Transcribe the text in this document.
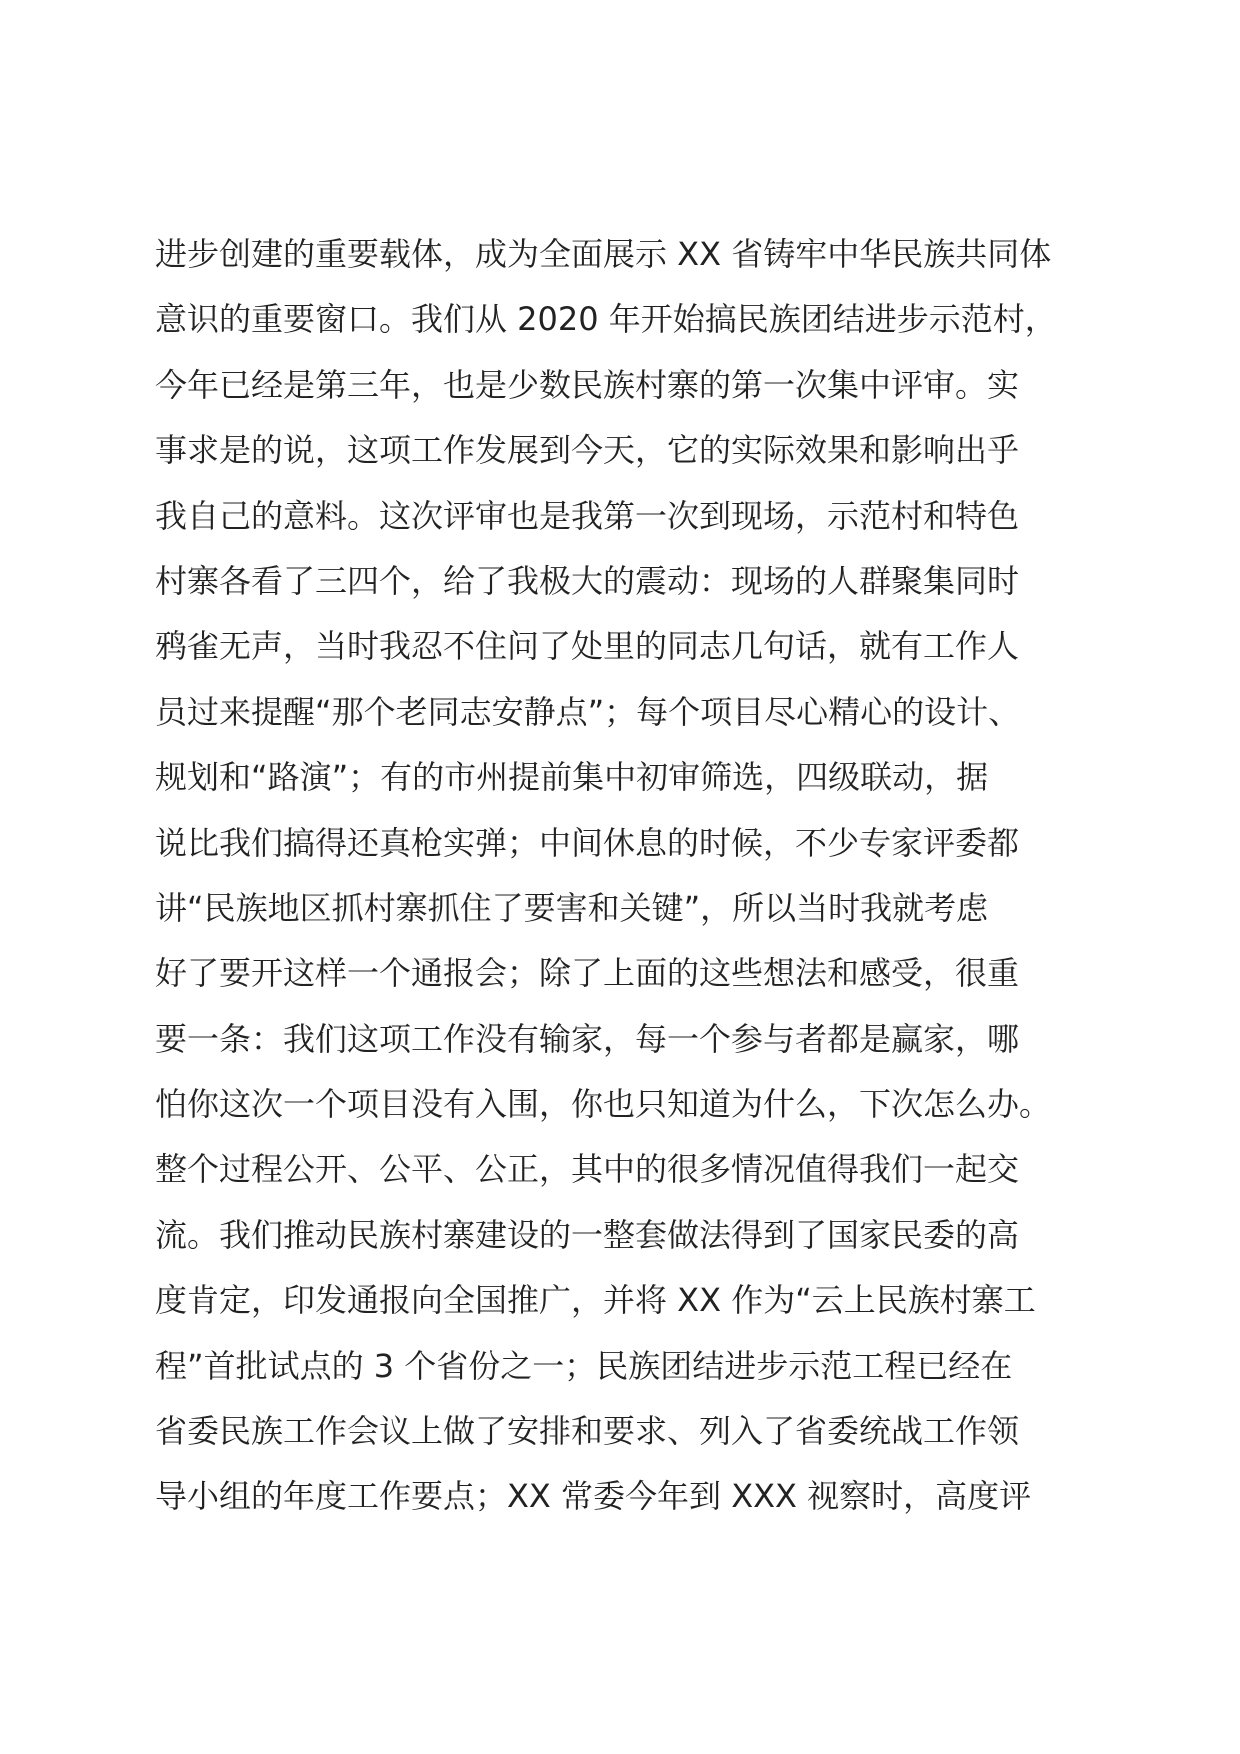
进步创建的重要载体，成为全面展示 XX 省铸牢中华民族共同体
意识的重要窗口。我们从 2020 年开始搞民族团结进步示范村，
今年已经是第三年，也是少数民族村寨的第一次集中评审。实
事求是的说，这项工作发展到今天，它的实际效果和影响出乎
我自己的意料。这次评审也是我第一次到现场，示范村和特色
村寨各看了三四个，给了我极大的震动：现场的人群聚集同时
鸦雀无声，当时我忍不住问了处里的同志几句话，就有工作人
员过来提醒“那个老同志安静点”；每个项目尽心精心的设计、
规划和“路演”；有的市州提前集中初审筛选，四级联动，据
说比我们搞得还真枪实弹；中间休息的时候，不少专家评委都
讲“民族地区抓村寨抓住了要害和关键”，所以当时我就考虑
好了要开这样一个通报会；除了上面的这些想法和感受，很重
要一条：我们这项工作没有输家，每一个参与者都是赢家，哪
怕你这次一个项目没有入围，你也只知道为什么，下次怎么办。
整个过程公开、公平、公正，其中的很多情况值得我们一起交
流。我们推动民族村寨建设的一整套做法得到了国家民委的高
度肯定，印发通报向全国推广，并将 XX 作为“云上民族村寨工
程”首批试点的 3 个省份之一；民族团结进步示范工程已经在
省委民族工作会议上做了安排和要求、列入了省委统战工作领
导小组的年度工作要点；XX 常委今年到 XXX 视察时，高度评
